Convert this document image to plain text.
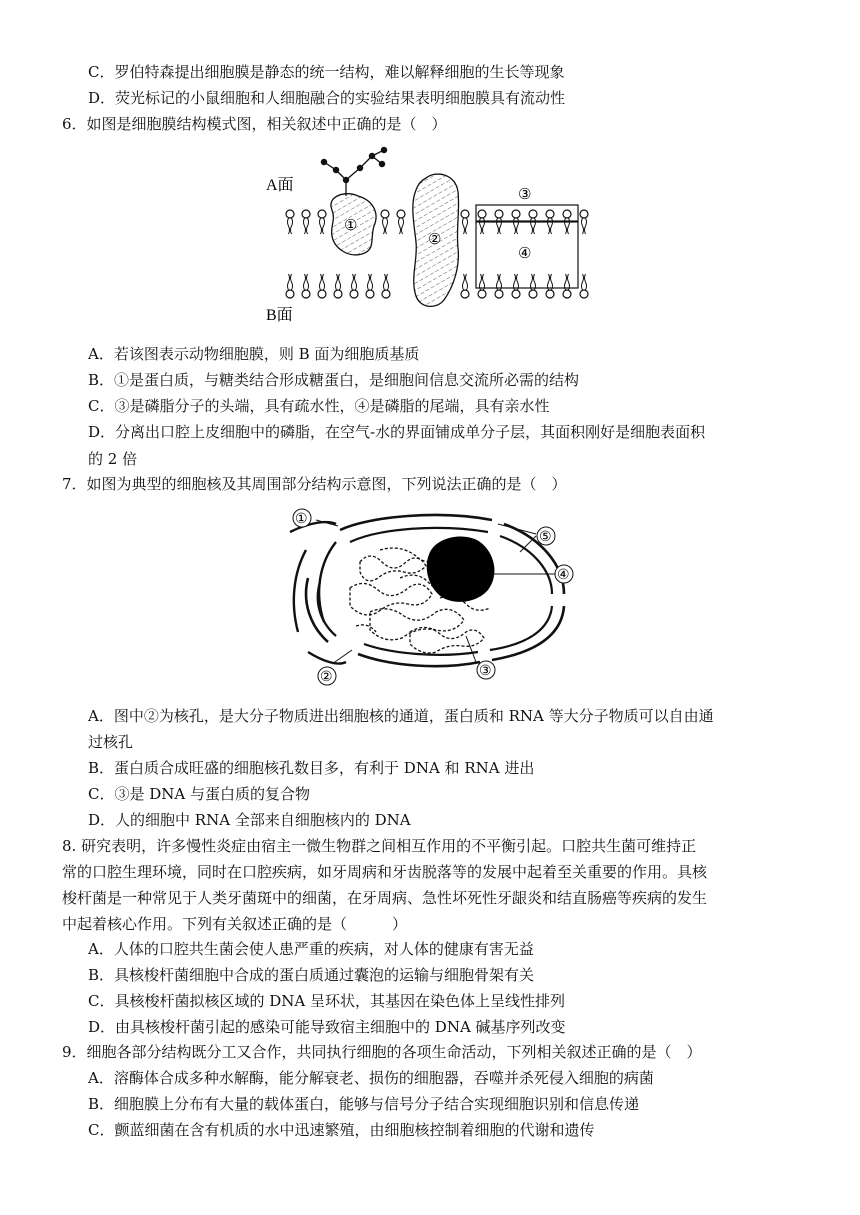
C．罗伯特森提出细胞膜是静态的统一结构，难以解释细胞的生长等现象
D．荧光标记的小鼠细胞和人细胞融合的实验结果表明细胞膜具有流动性
6．如图是细胞膜结构模式图，相关叙述中正确的是（　）
A面
B面
①
②
③
④
A．若该图表示动物细胞膜，则 B 面为细胞质基质
B．①是蛋白质，与糖类结合形成糖蛋白，是细胞间信息交流所必需的结构
C．③是磷脂分子的头端，具有疏水性，④是磷脂的尾端，具有亲水性
D．分离出口腔上皮细胞中的磷脂，在空气-水的界面铺成单分子层，其面积刚好是细胞表面积
的 2 倍
7．如图为典型的细胞核及其周围部分结构示意图，下列说法正确的是（　）
①
②	③
④
⑤
A．图中②为核孔，是大分子物质进出细胞核的通道，蛋白质和 RNA 等大分子物质可以自由通
过核孔
B．蛋白质合成旺盛的细胞核孔数目多，有利于 DNA 和 RNA 进出
C．③是 DNA 与蛋白质的复合物
D．人的细胞中 RNA 全部来自细胞核内的 DNA
8. 研究表明，许多慢性炎症由宿主一微生物群之间相互作用的不平衡引起。口腔共生菌可维持正
常的口腔生理环境，同时在口腔疾病，如牙周病和牙齿脱落等的发展中起着至关重要的作用。具核
梭杆菌是一种常见于人类牙菌斑中的细菌，在牙周病、急性坏死性牙龈炎和结直肠癌等疾病的发生
中起着核心作用。下列有关叙述正确的是（　　　）
A．人体的口腔共生菌会使人患严重的疾病，对人体的健康有害无益
B．具核梭杆菌细胞中合成的蛋白质通过囊泡的运输与细胞骨架有关
C．具核梭杆菌拟核区域的 DNA 呈环状，其基因在染色体上呈线性排列
D．由具核梭杆菌引起的感染可能导致宿主细胞中的 DNA 碱基序列改变
9．细胞各部分结构既分工又合作，共同执行细胞的各项生命活动，下列相关叙述正确的是（　）
A．溶酶体合成多种水解酶，能分解衰老、损伤的细胞器，吞噬并杀死侵入细胞的病菌
B．细胞膜上分布有大量的载体蛋白，能够与信号分子结合实现细胞识别和信息传递
C．颤蓝细菌在含有机质的水中迅速繁殖，由细胞核控制着细胞的代谢和遗传
